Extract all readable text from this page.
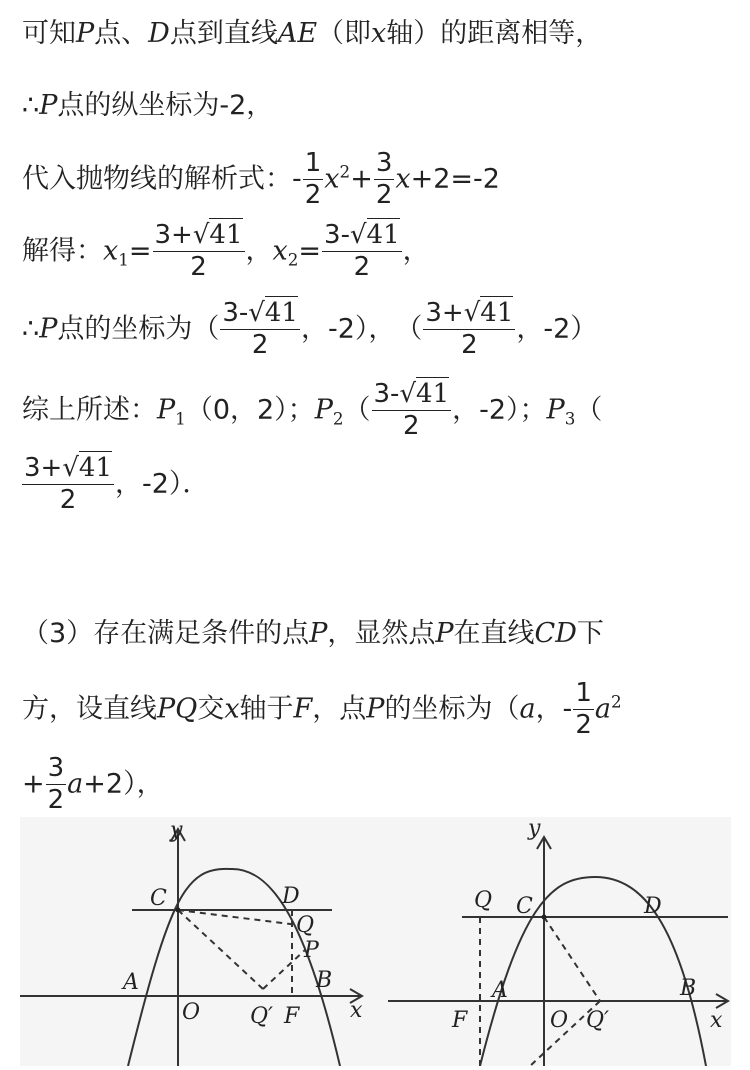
可知P点、D点到直线AE（即x轴）的距离相等，
∴P点的纵坐标为-2，
代入抛物线的解析式：- $\frac{1}{2} x^2+ \frac{3}{2} x+2=-2$
解得：$x_1= \frac{3+√41}{2}$ ，$x_2= \frac{3-√41}{2}$ ，
∴P点的坐标为（ $\frac{3-√41}{2}$ ，-2），　（ $\frac{3+√41}{2}$ ，-2）
综上所述：$P_1(0$，2）；$P_2( \frac{3-√41}{2}$ ，-2）；$P_3$（
$\frac{3+√41}{2}$ ，-2）．
（3）存在满足条件的点P，显然点P在直线CD下
方，设直线PQ交x轴于F，点P的坐标为（a，- $\frac{1}{2} a^2$
+ $\frac{3}{2} a+2$），
y
x
C	D
Q
P
A	B
O Q′ F
y
x
Q C	D
A	B
F	O Q′
